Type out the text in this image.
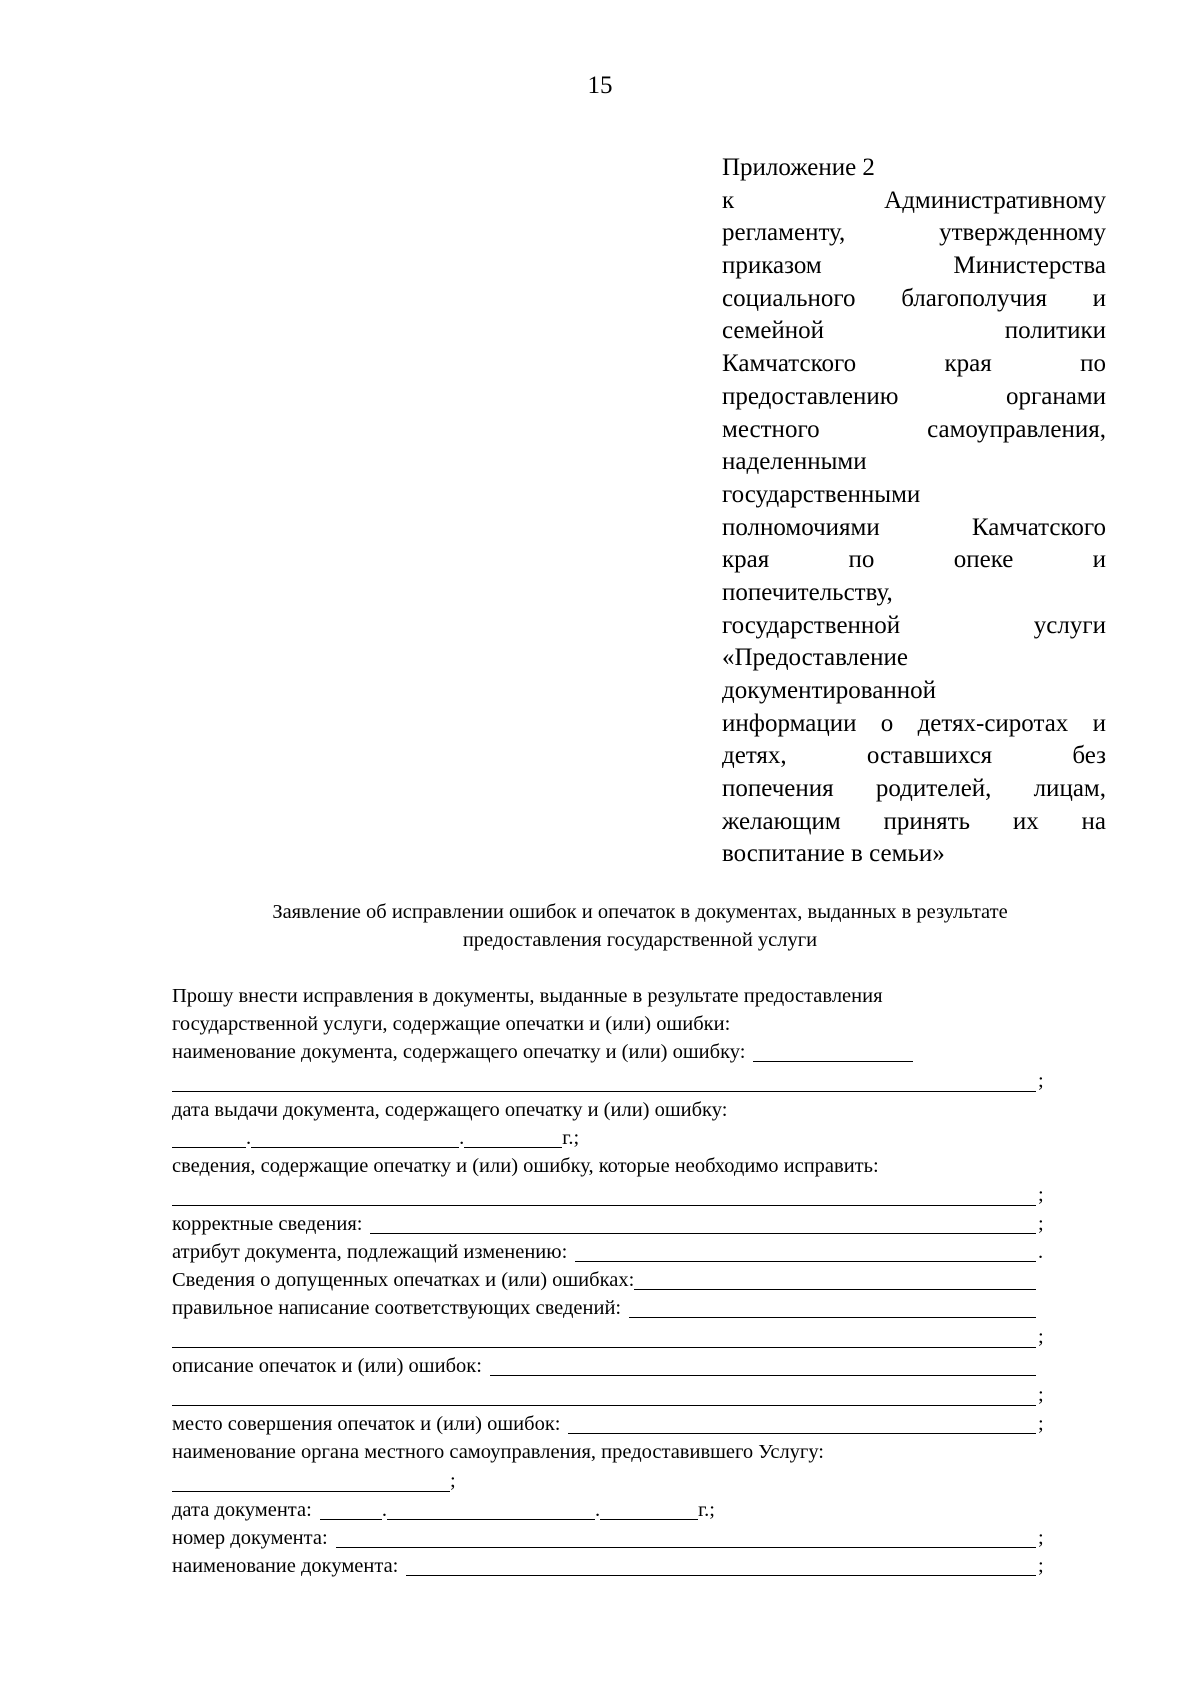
15
Приложение 2
к Административному
регламенту, утвержденному
приказом Министерства
социального благополучия и
семейной политики
Камчатского края по
предоставлению органами
местного самоуправления,
наделенными
государственными
полномочиями Камчатского
края по опеке и
попечительству,
государственной услуги
«Предоставление
документированной
информации о детях-сиротах и
детях, оставшихся без
попечения родителей, лицам,
желающим принять их на
воспитание в семьи»
Заявление об исправлении ошибок и опечаток в документах, выданных в результате
предоставления государственной услуги
Прошу внести исправления в документы, выданные в результате предоставления
государственной услуги, содержащие опечатки и (или) ошибки:
наименование документа, содержащего опечатку и (или) ошибку:
;
дата выдачи документа, содержащего опечатку и (или) ошибку:
.	.	г.;
сведения, содержащие опечатку и (или) ошибку, которые необходимо исправить:
;
корректные сведения:	;
атрибут документа, подлежащий изменению:	.
Сведения о допущенных опечатках и (или) ошибках:
правильное написание соответствующих сведений:
;
описание опечаток и (или) ошибок:
;
место совершения опечаток и (или) ошибок:	;
наименование органа местного самоуправления, предоставившего Услугу:
;
дата документа:	.	.	г.;
номер документа:	;
наименование документа:	;
